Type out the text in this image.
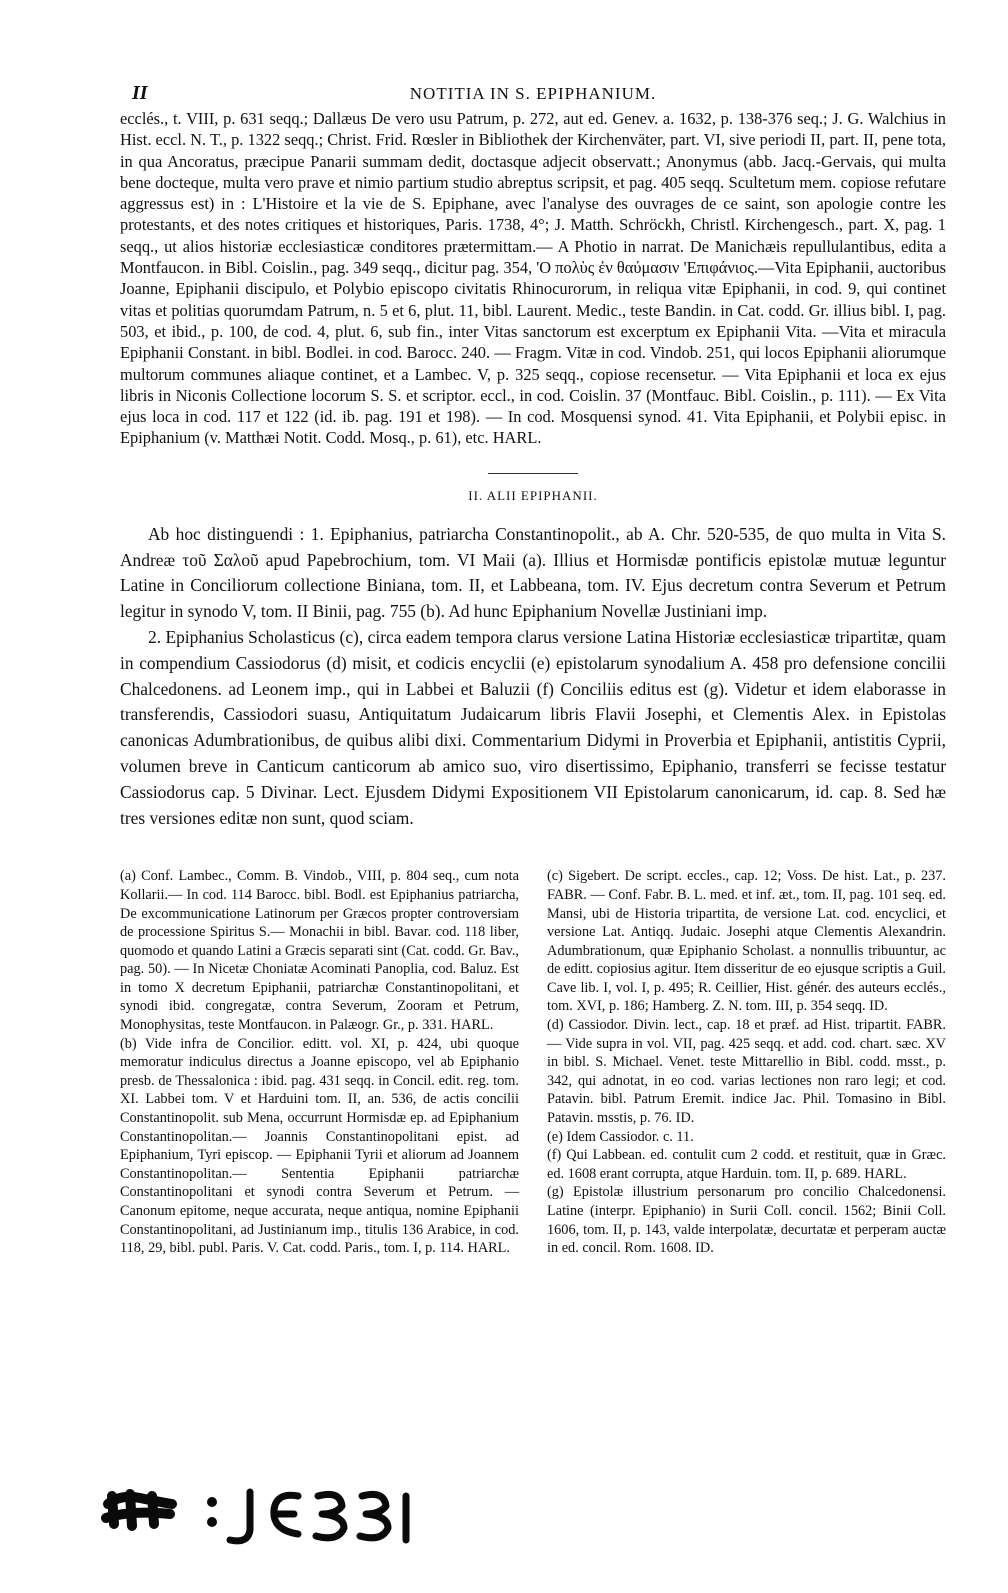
II	NOTITIA IN S. EPIPHANIUM.

ecclés., t. VIII, p. 631 seqq.; Dallæus De vero usu Patrum, p. 272, aut ed. Genev. a. 1632, p. 138-376 seq.; J. G. Walchius in Hist. eccl. N. T., p. 1322 seqq.; Christ. Frid. Rœsler in Bibliothek der Kirchenväter, part. VI, sive periodi II, part. II, pene tota, in qua Ancoratus, præcipue Panarii summam dedit, doctasque adjecit observatt.; Anonymus (abb. Jacq.-Gervais, qui multa bene docteque, multa vero prave et nimio partium studio abreptus scripsit, et pag. 405 seqq. Scultetum mem. copiose refutare aggressus est) in : L'Histoire et la vie de S. Epiphane, avec l'analyse des ouvrages de ce saint, son apologie contre les protestants, et des notes critiques et historiques, Paris. 1738, 4°; J. Matth. Schröckh, Christl. Kirchengesch., part. X, pag. 1 seqq., ut alios historiæ ecclesiasticæ conditores prætermittam.— A Photio in narrat. De Manichæis repullulantibus, edita a Montfaucon. in Bibl. Coislin., pag. 349 seqq., dicitur pag. 354, 'Ο πολὺς ἐν θαύμασιν 'Επιφάνιος.—Vita Epiphanii, auctoribus Joanne, Epiphanii discipulo, et Polybio episcopo civitatis Rhinocurorum, in reliqua vitæ Epiphanii, in cod. 9, qui continet vitas et politias quorumdam Patrum, n. 5 et 6, plut. 11, bibl. Laurent. Medic., teste Bandin. in Cat. codd. Gr. illius bibl. I, pag. 503, et ibid., p. 100, de cod. 4, plut. 6, sub fin., inter Vitas sanctorum est excerptum ex Epiphanii Vita. —Vita et miracula Epiphanii Constant. in bibl. Bodlei. in cod. Barocc. 240. — Fragm. Vitæ in cod. Vindob. 251, qui locos Epiphanii aliorumque multorum communes aliaque continet, et a Lambec. V, p. 325 seqq., copiose recensetur. — Vita Epiphanii et loca ex ejus libris in Niconis Collectione locorum S. S. et scriptor. eccl., in cod. Coislin. 37 (Montfauc. Bibl. Coislin., p. 111). — Ex Vita ejus loca in cod. 117 et 122 (id. ib. pag. 191 et 198). — In cod. Mosquensi synod. 41. Vita Epiphanii, et Polybii episc. in Epiphanium (v. Matthæi Notit. Codd. Mosq., p. 61), etc. HARL.

II. ALII EPIPHANII.

Ab hoc distinguendi : 1. Epiphanius, patriarcha Constantinopolit., ab A. Chr. 520-535, de quo multa in Vita S. Andreæ τοῦ Σαλοῦ apud Papebrochium, tom. VI Maii (a). Illius et Hormisdæ pontificis epistolæ mutuæ leguntur Latine in Conciliorum collectione Biniana, tom. II, et Labbeana, tom. IV. Ejus decretum contra Severum et Petrum legitur in synodo V, tom. II Binii, pag. 755 (b). Ad hunc Epiphanium Novellæ Justiniani imp.

2. Epiphanius Scholasticus (c), circa eadem tempora clarus versione Latina Historiæ ecclesiasticæ tripartitæ, quam in compendium Cassiodorus (d) misit, et codicis encyclii (e) epistolarum synodalium A. 458 pro defensione concilii Chalcedonens. ad Leonem imp., qui in Labbei et Baluzii (f) Conciliis editus est (g). Videtur et idem elaborasse in transferendis, Cassiodori suasu, Antiquitatum Judaicarum libris Flavii Josephi, et Clementis Alex. in Epistolas canonicas Adumbrationibus, de quibus alibi dixi. Commentarium Didymi in Proverbia et Epiphanii, antistitis Cyprii, volumen breve in Canticum canticorum ab amico suo, viro disertissimo, Epiphanio, transferri se fecisse testatur Cassiodorus cap. 5 Divinar. Lect. Ejusdem Didymi Expositionem VII Epistolarum canonicarum, id. cap. 8. Sed hæ tres versiones editæ non sunt, quod sciam.

(a) Conf. Lambec., Comm. B. Vindob., VIII, p. 804 seq., cum nota Kollarii.— In cod. 114 Barocc. bibl. Bodl. est Epiphanius patriarcha, De excommunicatione Latinorum per Græcos propter controversiam de processione Spiritus S.— Monachii in bibl. Bavar. cod. 118 liber, quomodo et quando Latini a Græcis separati sint (Cat. codd. Gr. Bav., pag. 50). — In Nicetæ Choniatæ Acominati Panoplia, cod. Baluz. Est in tomo X decretum Epiphanii, patriarchæ Constantinopolitani, et synodi ibid. congregatæ, contra Severum, Zooram et Petrum, Monophysitas, teste Montfaucon. in Palæogr. Gr., p. 331. HARL.

(b) Vide infra de Concilior. editt. vol. XI, p. 424, ubi quoque memoratur indiculus directus a Joanne episcopo, vel ab Epiphanio presb. de Thessalonica : ibid. pag. 431 seqq. in Concil. edit. reg. tom. XI. Labbei tom. V et Harduini tom. II, an. 536, de actis concilii Constantinopolit. sub Mena, occurrunt Hormisdæ ep. ad Epiphanium Constantinopolitan.— Joannis Constantinopolitani epist. ad Epiphanium, Tyri episcop. — Epiphanii Tyrii et aliorum ad Joannem Constantinopolitan.— Sententia Epiphanii patriarchæ Constantinopolitani et synodi contra Severum et Petrum. — Canonum epitome, neque accurata, neque antiqua, nomine Epiphanii Constantinopolitani, ad Justinianum imp., titulis 136 Arabice, in cod. 118, 29, bibl. publ. Paris. V. Cat. codd. Paris., tom. I, p. 114. HARL.

(c) Sigebert. De script. eccles., cap. 12; Voss. De hist. Lat., p. 237. FABR. — Conf. Fabr. B. L. med. et inf. æt., tom. II, pag. 101 seq. ed. Mansi, ubi de Historia tripartita, de versione Lat. cod. encyclici, et versione Lat. Antiqq. Judaic. Josephi atque Clementis Alexandrin. Adumbrationum, quæ Epiphanio Scholast. a nonnullis tribuuntur, ac de editt. copiosius agitur. Item disseritur de eo ejusque scriptis a Guil. Cave lib. I, vol. I, p. 495; R. Ceillier, Hist. génér. des auteurs ecclés., tom. XVI, p. 186; Hamberg. Z. N. tom. III, p. 354 seqq. ID.

(d) Cassiodor. Divin. lect., cap. 18 et præf. ad Hist. tripartit. FABR.— Vide supra in vol. VII, pag. 425 seqq. et add. cod. chart. sæc. XV in bibl. S. Michael. Venet. teste Mittarellio in Bibl. codd. msst., p. 342, qui adnotat, in eo cod. varias lectiones non raro legi; et cod. Patavin. bibl. Patrum Eremit. indice Jac. Phil. Tomasino in Bibl. Patavin. msstis, p. 76. ID.

(e) Idem Cassiodor. c. 11.

(f) Qui Labbean. ed. contulit cum 2 codd. et restituit, quæ in Græc. ed. 1608 erant corrupta, atque Harduin. tom. II, p. 689. HARL.

(g) Epistolæ illustrium personarum pro concilio Chalcedonensi. Latine (interpr. Epiphanio) in Surii Coll. concil. 1562; Binii Coll. 1606, tom. II, p. 143, valde interpolatæ, decurtatæ et perperam auctæ in ed. concil. Rom. 1608. ID.
